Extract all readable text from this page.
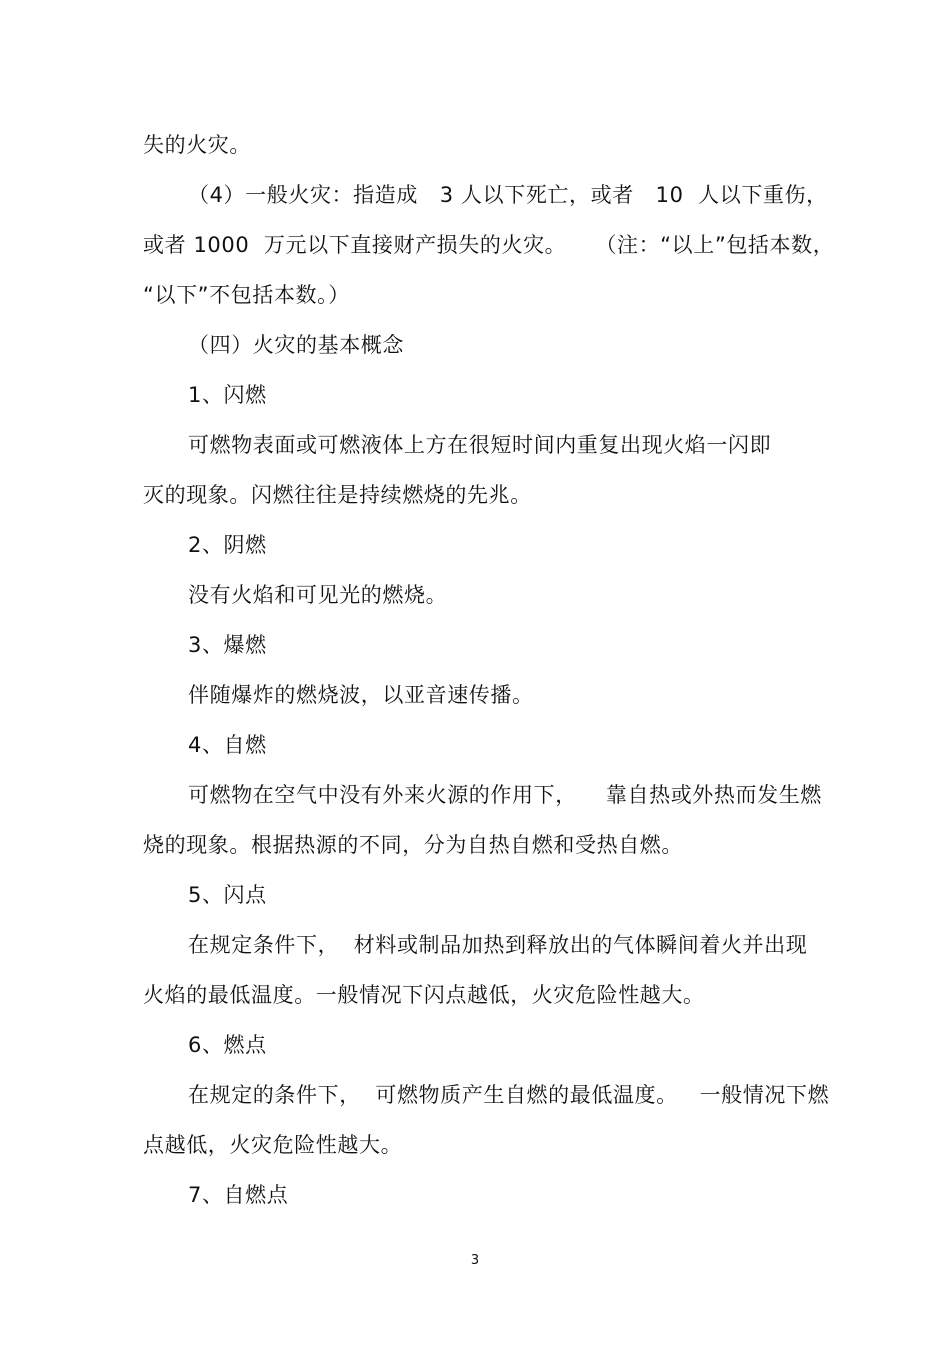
失的火灾。
（4）一般火灾：指造成   3 人以下死亡，或者   10  人以下重伤，
或者 1000  万元以下直接财产损失的火灾。    （注：“以上”包括本数，
“以下”不包括本数。）
（四）火灾的基本概念
1、闪燃
可燃物表面或可燃液体上方在很短时间内重复出现火焰一闪即
灭的现象。闪燃往往是持续燃烧的先兆。
2、阴燃
没有火焰和可见光的燃烧。
3、爆燃
伴随爆炸的燃烧波，以亚音速传播。
4、自燃
可燃物在空气中没有外来火源的作用下，    靠自热或外热而发生燃
烧的现象。根据热源的不同，分为自热自燃和受热自燃。
5、闪点
在规定条件下，  材料或制品加热到释放出的气体瞬间着火并出现
火焰的最低温度。一般情况下闪点越低，火灾危险性越大。
6、燃点
在规定的条件下，  可燃物质产生自燃的最低温度。   一般情况下燃
点越低，火灾危险性越大。
7、自燃点
3
